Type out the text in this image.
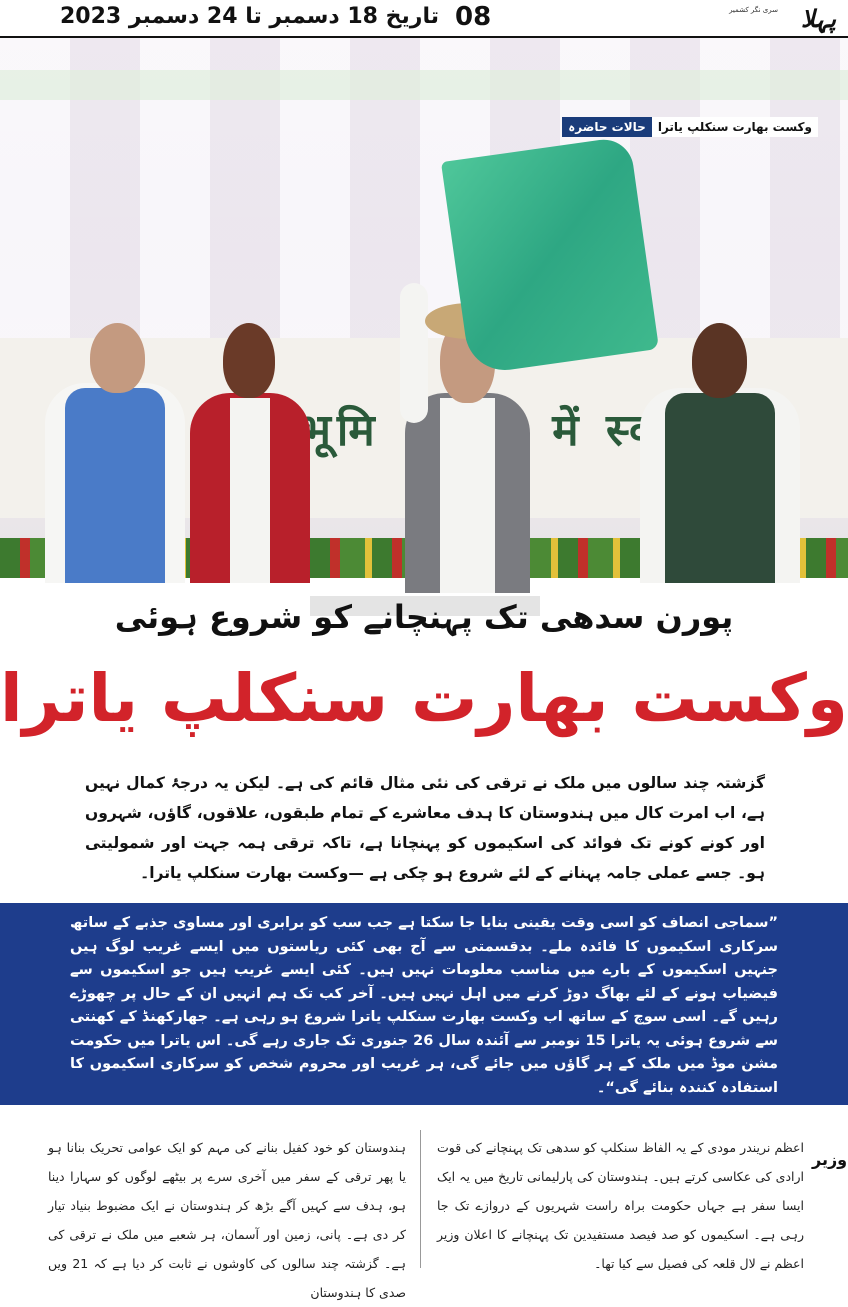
تاریخ 18 دسمبر تا 24 دسمبر 2023 08	سری نگر کشمیر پہلا
भूमि में
وکست بھارت سنکلپ یاترا
حالات حاضرہ
پورن سدھی تک پہنچانے کو شروع ہوئی
وکست بھارت سنکلپ یاترا
گزشتہ چند سالوں میں ملک نے ترقی کی نئی مثال قائم کی ہے۔ لیکن یہ درجۂ کمال نہیں ہے، اب امرت کال میں ہندوستان کا ہدف معاشرے کے تمام طبقوں، علاقوں، گاؤں، شہروں اور کونے کونے تک فوائد کی اسکیموں کو پہنچانا ہے، تاکہ ترقی ہمہ جہت اور شمولیتی ہو۔ جسے عملی جامہ پہنانے کے لئے شروع ہو چکی ہے —وکست بھارت سنکلپ یاترا۔
”سماجی انصاف کو اسی وقت یقینی بنایا جا سکتا ہے جب سب کو برابری اور مساوی جذبے کے ساتھ سرکاری اسکیموں کا فائدہ ملے۔ بدقسمتی سے آج بھی کئی ریاستوں میں ایسے غریب لوگ ہیں جنہیں اسکیموں کے بارے میں مناسب معلومات نہیں ہیں۔ کئی ایسے غریب ہیں جو اسکیموں سے فیضیاب ہونے کے لئے بھاگ دوڑ کرنے میں اہل نہیں ہیں۔ آخر کب تک ہم انہیں ان کے حال پر چھوڑے رہیں گے۔ اسی سوچ کے ساتھ اب وکست بھارت سنکلپ یاترا شروع ہو رہی ہے۔ جھارکھنڈ کے کھنتی سے شروع ہوئی یہ یاترا 15 نومبر سے آئندہ سال 26 جنوری تک جاری رہے گی۔ اس یاترا میں حکومت مشن موڈ میں ملک کے ہر گاؤں میں جائے گی، ہر غریب اور محروم شخص کو سرکاری اسکیموں کا استفادہ کنندہ بنائے گی“۔
وزیر
اعظم نریندر مودی کے یہ الفاظ سنکلپ کو سدھی تک پہنچانے کی قوت ارادی کی عکاسی کرتے ہیں۔ ہندوستان کی پارلیمانی تاریخ میں یہ ایک ایسا سفر ہے جہاں حکومت براہ راست شہریوں کے دروازے تک جا رہی ہے۔ اسکیموں کو صد فیصد مستفیدین تک پہنچانے کا اعلان وزیر اعظم نے لال قلعہ کی فصیل سے کیا تھا۔
ہندوستان کو خود کفیل بنانے کی مہم کو ایک عوامی تحریک بنانا ہو یا پھر ترقی کے سفر میں آخری سرے پر بیٹھے لوگوں کو سہارا دینا ہو، ہدف سے کہیں آگے بڑھ کر ہندوستان نے ایک مضبوط بنیاد تیار کر دی ہے۔ پانی، زمین اور آسمان، ہر شعبے میں ملک نے ترقی کی ہے۔ گزشتہ چند سالوں کی کاوشوں نے ثابت کر دیا ہے کہ 21 ویں صدی کا ہندوستان
